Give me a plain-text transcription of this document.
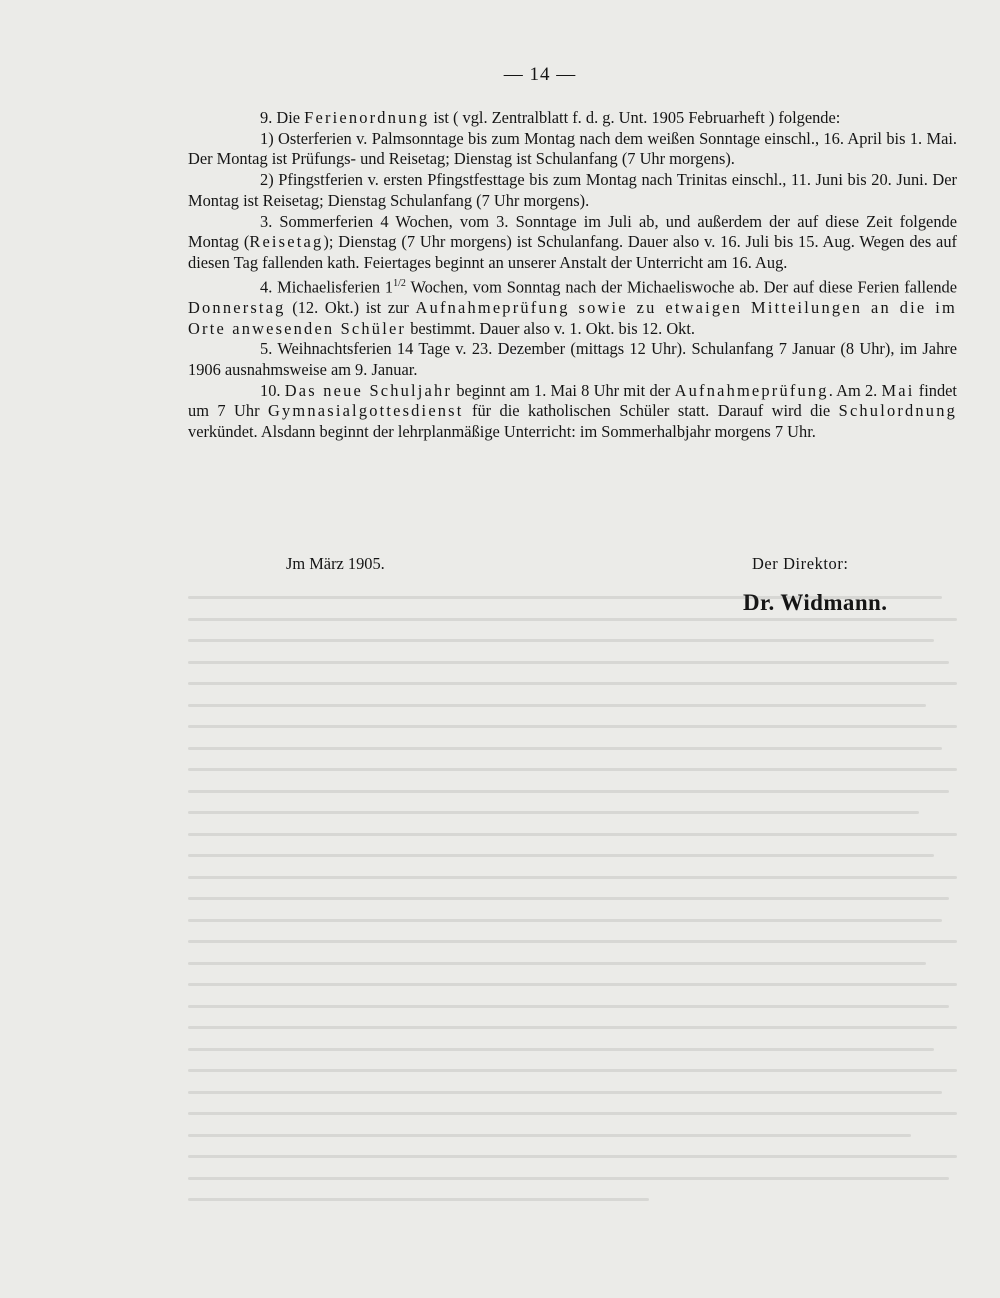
— 14 —

9. Die Ferienordnung ist ( vgl. Zentralblatt f. d. g. Unt. 1905 Februarheft ) folgende:

1) Osterferien v. Palmsonntage bis zum Montag nach dem weißen Sonntage einschl., 16. April bis 1. Mai. Der Montag ist Prüfungs- und Reisetag; Dienstag ist Schulanfang (7 Uhr morgens).

2) Pfingstferien v. ersten Pfingstfesttage bis zum Montag nach Trinitas einschl., 11. Juni bis 20. Juni. Der Montag ist Reisetag; Dienstag Schulanfang (7 Uhr morgens).

3. Sommerferien 4 Wochen, vom 3. Sonntage im Juli ab, und außerdem der auf diese Zeit folgende Montag (Reisetag); Dienstag (7 Uhr morgens) ist Schulanfang. Dauer also v. 16. Juli bis 15. Aug. Wegen des auf diesen Tag fallenden kath. Feiertages beginnt an unserer Anstalt der Unterricht am 16. Aug.

4. Michaelisferien $1^{1/2}$ Wochen, vom Sonntag nach der Michaeliswoche ab. Der auf diese Ferien fallende Donnerstag (12. Okt.) ist zur Aufnahmeprüfung sowie zu etwaigen Mitteilungen an die im Orte anwesenden Schüler bestimmt. Dauer also v. 1. Okt. bis 12. Okt.

5. Weihnachtsferien 14 Tage v. 23. Dezember (mittags 12 Uhr). Schulanfang 7 Januar (8 Uhr), im Jahre 1906 ausnahmsweise am 9. Januar.

10. Das neue Schuljahr beginnt am 1. Mai 8 Uhr mit der Aufnahmeprüfung. Am 2. Mai findet um 7 Uhr Gymnasialgottesdienst für die katholischen Schüler statt. Darauf wird die Schulordnung verkündet. Alsdann beginnt der lehrplanmäßige Unterricht: im Sommerhalbjahr morgens 7 Uhr.

Jm März 1905.	Der Direktor:
Dr. Widmann.
